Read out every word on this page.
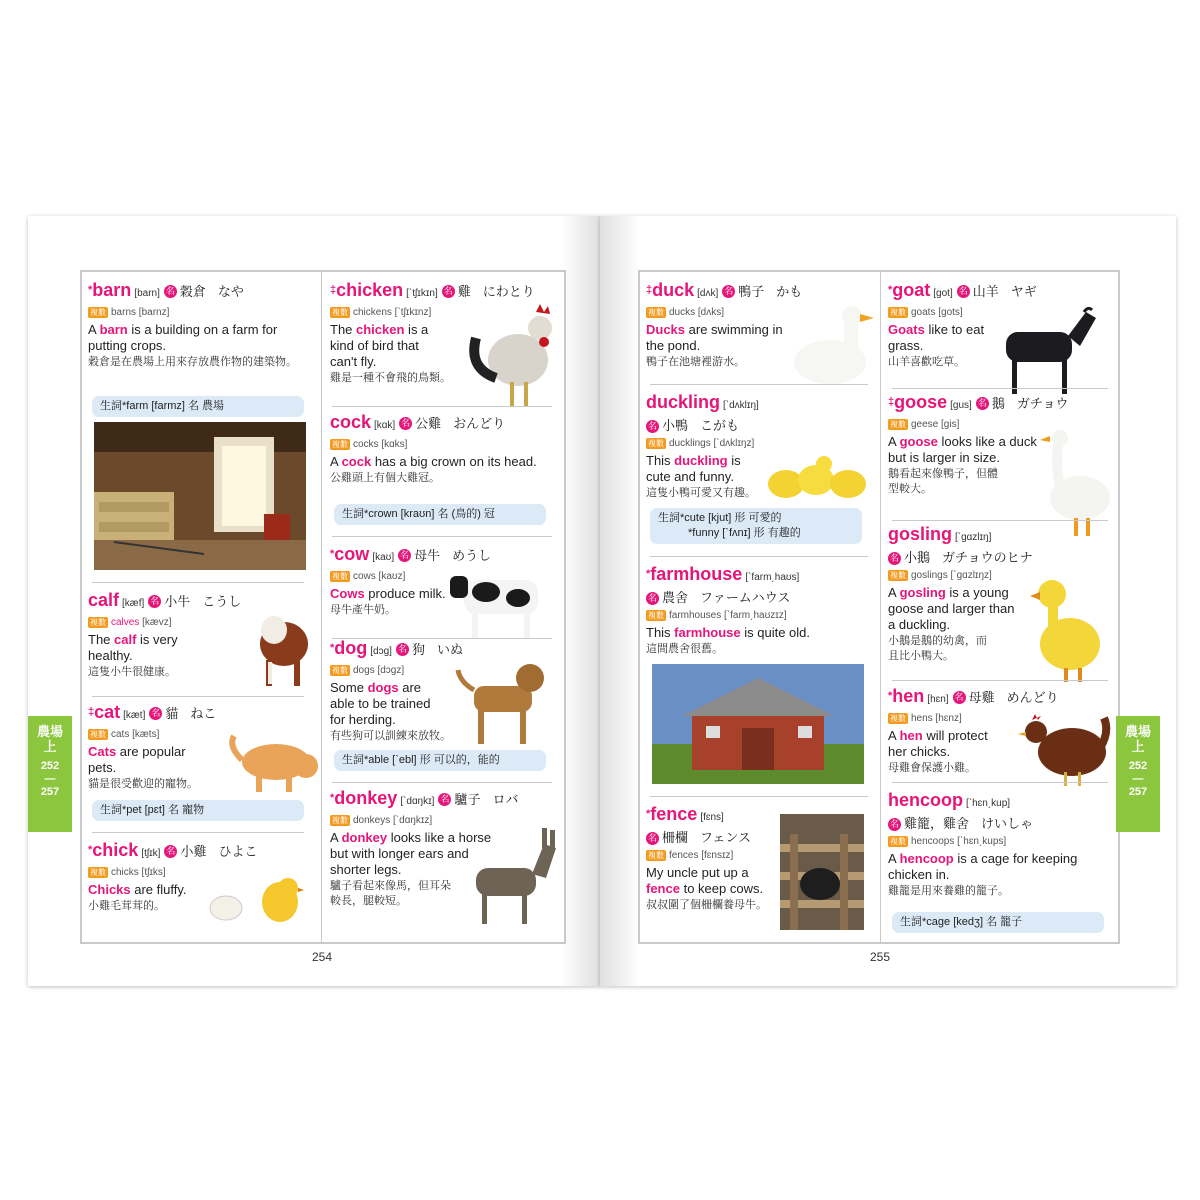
*barn [barn] 名 穀倉 なや
複數 barns [barnz]
A barn is a building on a farm for putting crops.
穀倉是在農場上用來存放農作物的建築物。
生詞*farm [farmz] 名 農場
calf [kæf] 名 小牛 こうし
複數 calves [kævz]
The calf is very healthy.
這隻小牛很健康。
‡cat [kæt] 名 貓 ねこ
複數 cats [kæts]
Cats are popular pets.
貓是很受歡迎的寵物。
生詞*pet [pɛt] 名 寵物
*chick [tʃɪk] 名 小雞 ひよこ
複數 chicks [tʃɪks]
Chicks are fluffy.
小雞毛茸茸的。
‡chicken [ˋtʃɪkɪn] 名 雞 にわとり
複數 chickens [ˋtʃɪkɪnz]
The chicken is a kind of bird that can't fly.
雞是一種不會飛的鳥類。
cock [kɑk] 名 公雞 おんどり
複數 cocks [kɑks]
A cock has a big crown on its head.
公雞頭上有個大雞冠。
生詞*crown [kraʊn] 名 (鳥的) 冠
*cow [kaʊ] 名 母牛 めうし
複數 cows [kaʊz]
Cows produce milk.
母牛產牛奶。
*dog [dɔg] 名 狗 いぬ
複數 dogs [dɔgz]
Some dogs are able to be trained for herding.
有些狗可以訓練來放牧。
生詞*able [ˋebl] 形 可以的，能的
*donkey [ˋdɑŋkɪ] 名 驢子 ロバ
複數 donkeys [ˋdɑŋkɪz]
A donkey looks like a horse but with longer ears and shorter legs.
驢子看起來像馬，但耳朵較長，腿較短。
農場
上
252
—
257
254
‡duck [dʌk] 名 鴨子 かも
複數 ducks [dʌks]
Ducks are swimming in the pond.
鴨子在池塘裡游水。
duckling [ˋdʌklɪŋ]
名 小鴨 こがも
複數 ducklings [ˋdʌklɪŋz]
This duckling is cute and funny.
這隻小鴨可愛又有趣。
生詞*cute [kjut] 形 可愛的
*funny [ˋfʌnɪ] 形 有趣的
*farmhouse [ˋfarm͵haʊs]
名 農舍 ファームハウス
複數 farmhouses [ˋfarm͵haʊzɪz]
This farmhouse is quite old.
這間農舍很舊。
*fence [fɛns]
名 柵欄 フェンス
複數 fences [fɛnsɪz]
My uncle put up a fence to keep cows.
叔叔圍了個柵欄養母牛。
*goat [got] 名 山羊 ヤギ
複數 goats [gots]
Goats like to eat grass.
山羊喜歡吃草。
‡goose [gus] 名 鵝 ガチョウ
複數 geese [gis]
A goose looks like a duck but is larger in size.
鵝看起來像鴨子，但體型較大。
gosling [ˋgɑzlɪŋ]
名 小鵝 ガチョウのヒナ
複數 goslings [ˋgɑzlɪŋz]
A gosling is a young goose and larger than a duckling.
小鵝是鵝的幼禽，而且比小鴨大。
*hen [hɛn] 名 母雞 めんどり
複數 hens [hɛnz]
A hen will protect her chicks.
母雞會保護小雞。
hencoop [ˋhɛn͵kup]
名 雞籠，雞舍 けいしゃ
複數 hencoops [ˋhɛn͵kups]
A hencoop is a cage for keeping chicken in.
雞籠是用來養雞的籠子。
生詞*cage [kedʒ] 名 籠子
農場
上
252
—
257
255
